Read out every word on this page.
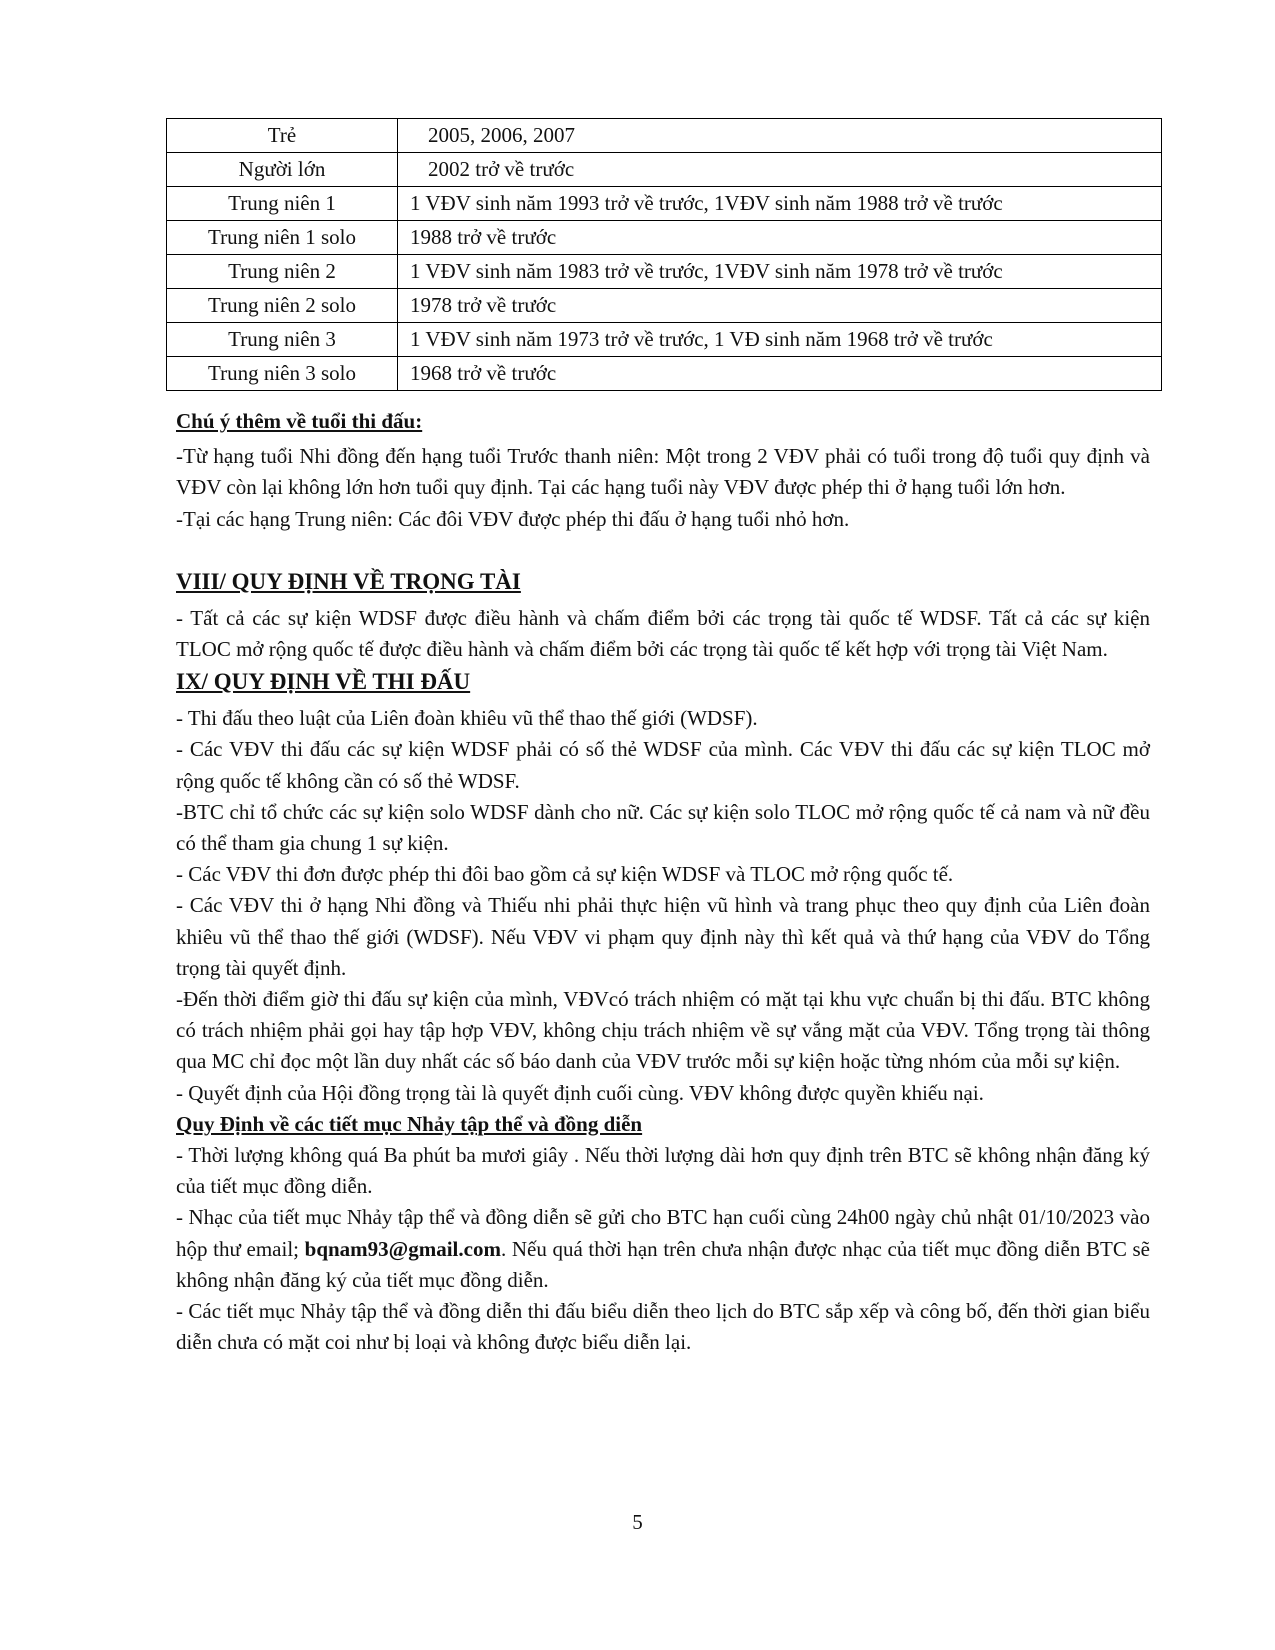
Trẻ	2005, 2006, 2007
Người lớn	2002 trở về trước
Trung niên 1	1 VĐV sinh năm 1993 trở về trước, 1VĐV sinh năm 1988 trở về trước
Trung niên 1 solo	1988 trở về trước
Trung niên 2	1 VĐV sinh năm 1983 trở về trước, 1VĐV sinh năm 1978 trở về trước
Trung niên 2 solo	1978 trở về trước
Trung niên 3	1 VĐV sinh năm 1973 trở về trước, 1 VĐ sinh năm 1968 trở về trước
Trung niên 3 solo	1968 trở về trước
Chú ý thêm về tuổi thi đấu:

-Từ hạng tuổi Nhi đồng đến hạng tuổi Trước thanh niên: Một trong 2 VĐV phải có tuổi trong độ tuổi quy định và VĐV còn lại không lớn hơn tuổi quy định. Tại các hạng tuổi này VĐV được phép thi ở hạng tuổi lớn hơn.

-Tại các hạng Trung niên: Các đôi VĐV được phép thi đấu ở hạng tuổi nhỏ hơn.

VIII/ QUY ĐỊNH VỀ TRỌNG TÀI

- Tất cả các sự kiện WDSF được điều hành và chấm điểm bởi các trọng tài quốc tế WDSF. Tất cả các sự kiện TLOC mở rộng quốc tế được điều hành và chấm điểm bởi các trọng tài quốc tế kết hợp với trọng tài Việt Nam.

IX/ QUY ĐỊNH VỀ THI ĐẤU

- Thi đấu theo luật của Liên đoàn khiêu vũ thể thao thế giới (WDSF).

- Các VĐV thi đấu các sự kiện WDSF phải có số thẻ WDSF của mình. Các VĐV thi đấu các sự kiện TLOC mở rộng quốc tế không cần có số thẻ WDSF.

-BTC chỉ tổ chức các sự kiện solo WDSF dành cho nữ. Các sự kiện solo TLOC mở rộng quốc tế cả nam và nữ đều có thể tham gia chung 1 sự kiện.

- Các VĐV thi đơn được phép thi đôi bao gồm cả sự kiện WDSF và TLOC mở rộng quốc tế.

- Các VĐV thi ở hạng Nhi đồng và Thiếu nhi phải thực hiện vũ hình và trang phục theo quy định của Liên đoàn khiêu vũ thể thao thế giới (WDSF). Nếu VĐV vi phạm quy định này thì kết quả và thứ hạng của VĐV do Tổng trọng tài quyết định.

-Đến thời điểm giờ thi đấu sự kiện của mình, VĐVcó trách nhiệm có mặt tại khu vực chuẩn bị thi đấu. BTC không có trách nhiệm phải gọi hay tập hợp VĐV, không chịu trách nhiệm về sự vắng mặt của VĐV. Tổng trọng tài thông qua MC chỉ đọc một lần duy nhất các số báo danh của VĐV trước mỗi sự kiện hoặc từng nhóm của mỗi sự kiện.

- Quyết định của Hội đồng trọng tài là quyết định cuối cùng. VĐV không được quyền khiếu nại.

Quy Định về các tiết mục Nhảy tập thể và đồng diễn

- Thời lượng không quá Ba phút ba mươi giây . Nếu thời lượng dài hơn quy định trên BTC sẽ không nhận đăng ký của tiết mục đồng diễn.

- Nhạc của tiết mục Nhảy tập thể và đồng diễn sẽ gửi cho BTC hạn cuối cùng 24h00 ngày chủ nhật 01/10/2023 vào hộp thư email; bqnam93@gmail.com. Nếu quá thời hạn trên chưa nhận được nhạc của tiết mục đồng diễn BTC sẽ không nhận đăng ký của tiết mục đồng diễn.

- Các tiết mục Nhảy tập thể và đồng diễn thi đấu biểu diễn theo lịch do BTC sắp xếp và công bố, đến thời gian biểu diễn chưa có mặt coi như bị loại và không được biểu diễn lại.

5
